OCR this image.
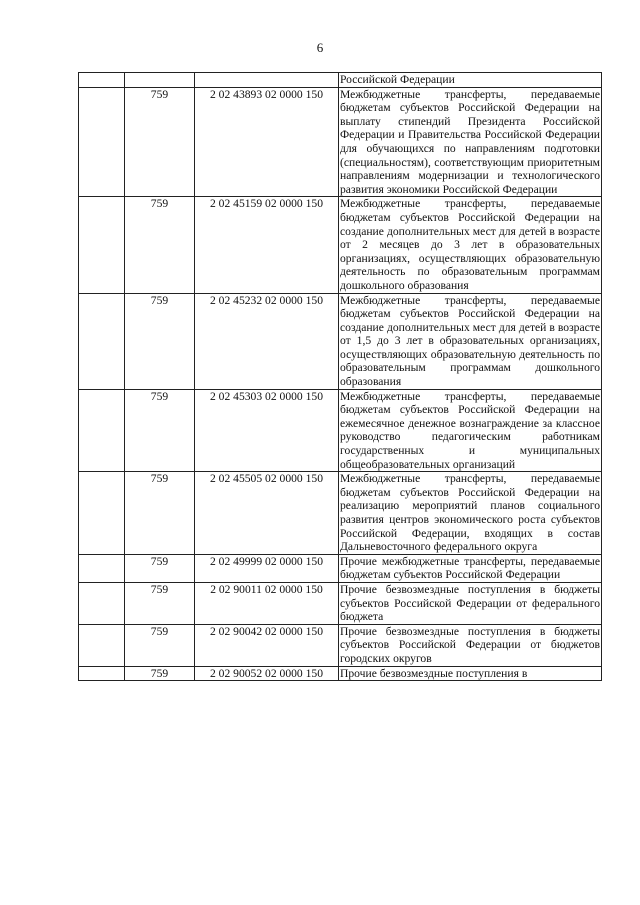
6
			Российской Федерации
	759	2 02 43893 02 0000 150	Межбюджетные трансферты, передаваемые бюджетам субъектов Российской Федерации на выплату стипендий Президента Российской Федерации и Правительства Российской Федерации для обучающихся по направлениям подготовки (специальностям), соответствующим приоритетным направлениям модернизации и технологического развития экономики Российской Федерации
	759	2 02 45159 02 0000 150	Межбюджетные трансферты, передаваемые бюджетам субъектов Российской Федерации на создание дополнительных мест для детей в возрасте от 2 месяцев до 3 лет в образовательных организациях, осуществляющих образовательную деятельность по образовательным программам дошкольного образования
	759	2 02 45232 02 0000 150	Межбюджетные трансферты, передаваемые бюджетам субъектов Российской Федерации на создание дополнительных мест для детей в возрасте от 1,5 до 3 лет в образовательных организациях, осуществляющих образовательную деятельность по образовательным программам дошкольного образования
	759	2 02 45303 02 0000 150	Межбюджетные трансферты, передаваемые бюджетам субъектов Российской Федерации на ежемесячное денежное вознаграждение за классное руководство педагогическим работникам государственных и муниципальных общеобразовательных организаций
	759	2 02 45505 02 0000 150	Межбюджетные трансферты, передаваемые бюджетам субъектов Российской Федерации на реализацию мероприятий планов социального развития центров экономического роста субъектов Российской Федерации, входящих в состав Дальневосточного федерального округа
	759	2 02 49999 02 0000 150	Прочие межбюджетные трансферты, передаваемые бюджетам субъектов Российской Федерации
	759	2 02 90011 02 0000 150	Прочие безвозмездные поступления в бюджеты субъектов Российской Федерации от федерального бюджета
	759	2 02 90042 02 0000 150	Прочие безвозмездные поступления в бюджеты субъектов Российской Федерации от бюджетов городских округов
	759	2 02 90052 02 0000 150	Прочие безвозмездные поступления в
